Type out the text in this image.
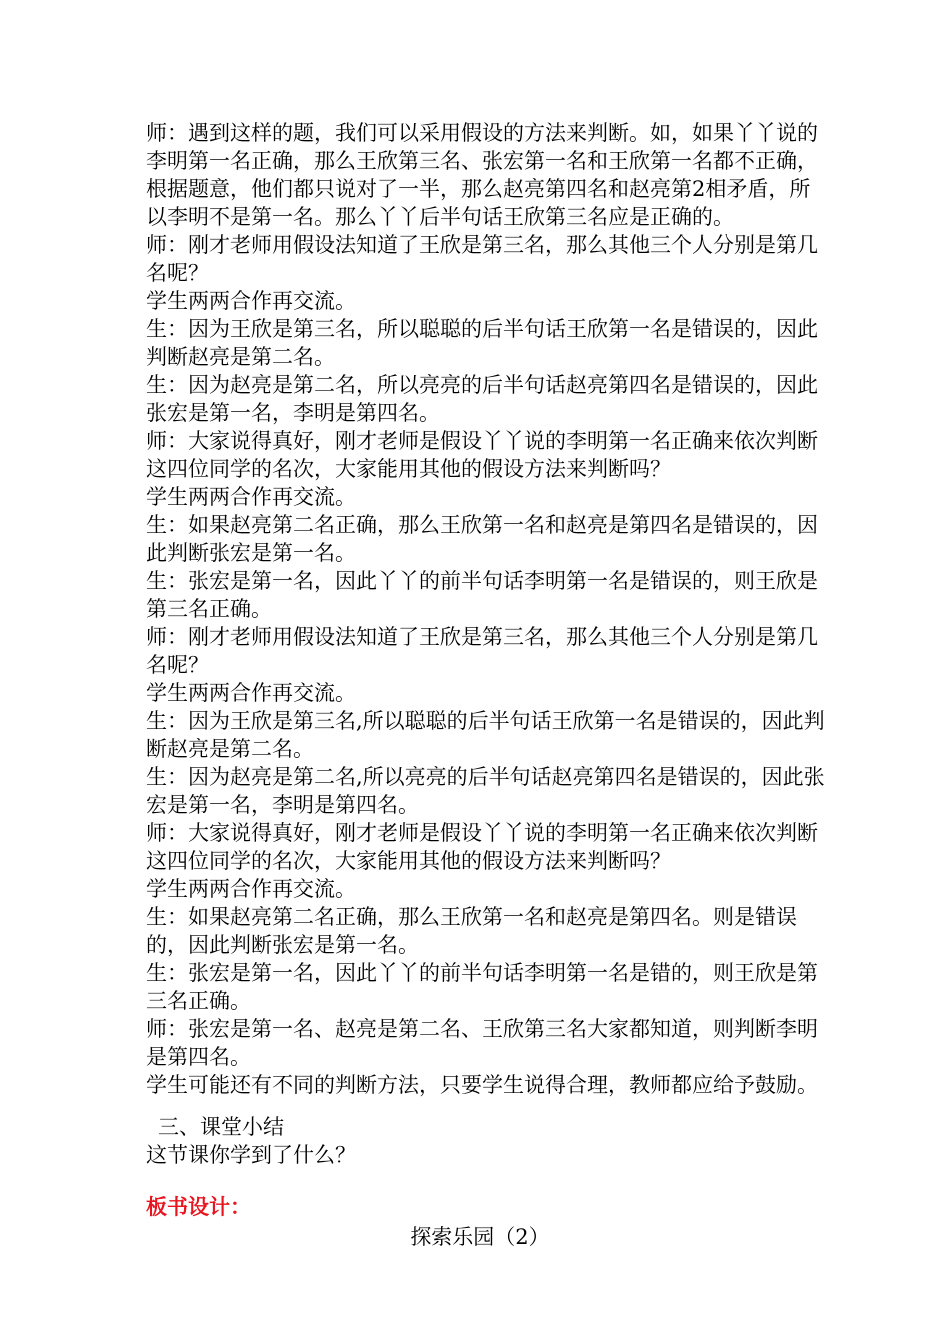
师：遇到这样的题，我们可以采用假设的方法来判断。如，如果丫丫说的李明第一名正确，那么王欣第三名、张宏第一名和王欣第一名都不正确，根据题意，他们都只说对了一半，那么赵亮第四名和赵亮第2相矛盾，所以李明不是第一名。那么丫丫后半句话王欣第三名应是正确的。

师：刚才老师用假设法知道了王欣是第三名，那么其他三个人分别是第几名呢？

学生两两合作再交流。

生：因为王欣是第三名，所以聪聪的后半句话王欣第一名是错误的，因此判断赵亮是第二名。

生：因为赵亮是第二名，所以亮亮的后半句话赵亮第四名是错误的，因此张宏是第一名，李明是第四名。

师：大家说得真好，刚才老师是假设丫丫说的李明第一名正确来依次判断这四位同学的名次，大家能用其他的假设方法来判断吗？

学生两两合作再交流。

生：如果赵亮第二名正确，那么王欣第一名和赵亮是第四名是错误的，因此判断张宏是第一名。

生：张宏是第一名，因此丫丫的前半句话李明第一名是错误的，则王欣是第三名正确。

师：刚才老师用假设法知道了王欣是第三名，那么其他三个人分别是第几名呢？

学生两两合作再交流。

生：因为王欣是第三名,所以聪聪的后半句话王欣第一名是错误的，因此判断赵亮是第二名。

生：因为赵亮是第二名,所以亮亮的后半句话赵亮第四名是错误的，因此张宏是第一名，李明是第四名。

师：大家说得真好，刚才老师是假设丫丫说的李明第一名正确来依次判断这四位同学的名次，大家能用其他的假设方法来判断吗？

学生两两合作再交流。

生：如果赵亮第二名正确，那么王欣第一名和赵亮是第四名。则是错误的，因此判断张宏是第一名。

生：张宏是第一名，因此丫丫的前半句话李明第一名是错的，则王欣是第三名正确。

师：张宏是第一名、赵亮是第二名、王欣第三名大家都知道，则判断李明是第四名。

学生可能还有不同的判断方法，只要学生说得合理，教师都应给予鼓励。

三、课堂小结

这节课你学到了什么？

板书设计：

探索乐园（2）
